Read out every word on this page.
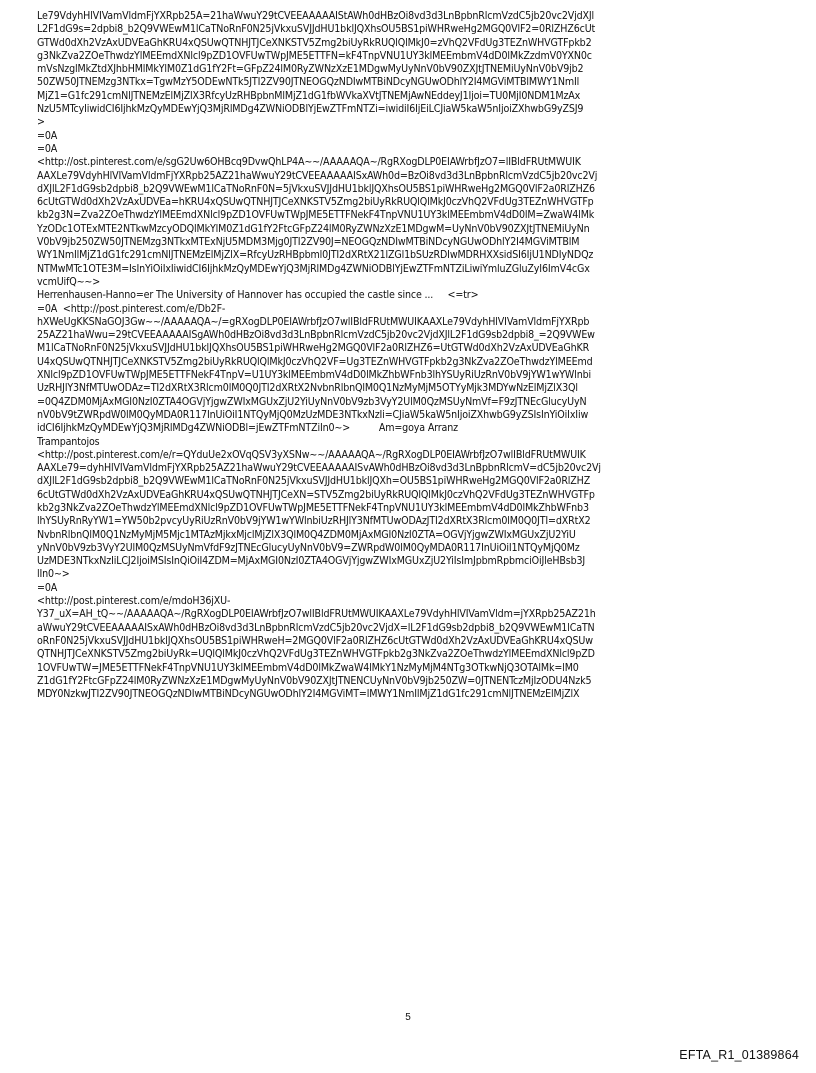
Le79VdyhHlVIVamVldmFjYXRpb25A=21haWwuY29tCVEEAAAAAIStAWh0dHBzOi8vd3d3LnBpbnRlcmVzdC5jb20vc2VjdXJl
L2F1dG9s=2dpbi8_b2Q9VWEwM1lCaTNoRnF0N25jVkxuSVJJdHU1bklJQXhsOU5BS1piWHRweHg2MGQ0VlF2=0RlZHZ6cUt
GTWd0dXh2VzAxUDVEaGhKRU4xQSUwQTNHJTJCeXNKSTV5Zmg2biUyRkRUQlQlMkJ0=zVhQ2VFdUg3TEZnWHVGTFpkb2
g3NkZva2ZOeThwdzYlMEEmdXNlcl9pZD1OVFUwTWpJME5ETTFN=kF4TnpVNU1UY3klMEEmbmV4dD0lMkZzdmV0YXN0c
mVsNzglMkZtdXJhbHMlMkYlM0Z1dG1fY2Ft=GFpZ24lM0RyZWNzXzE1MDgwMyUyNnV0bV90ZXJtJTNEMiUyNnV0bV9jb2
50ZW50JTNEMzg3NTkx=TgwMzY5ODEwNTk5JTI2ZV90JTNEOGQzNDIwMTBiNDcyNGUwODhlY2I4MGViMTBlMWY1NmIl
MjZ1=G1fc291cmNlJTNEMzElMjZlX3RfcyUzRHBpbnMlMjZ1dG1fbWVkaXVtJTNEMjAwNEddeyJ1Ijoi=TU0MjI0NDM1MzAx
NzU5MTcyIiwidCI6IjhkMzQyMDEwYjQ3MjRlMDg4ZWNiODBlYjEwZTFmNTZi=iwidiI6IjEiLCJiaW5kaW5nIjoiZXhwbG9yZSJ9
>
=0A
=0A
<http://ost.pinterest.com/e/sgG2Uw6OHBcq9DvwQhLP4A~~/AAAAAQA~/RgRXogDLP0EIAWrbfJzO7=lIBldFRUtMWUIK
AAXLe79VdyhHlVIVamVldmFjYXRpb25AZ21haWwuY29tCVEEAAAAAISxAWh0d=BzOi8vd3d3LnBpbnRlcmVzdC5jb20vc2Vj
dXJlL2F1dG9sb2dpbi8_b2Q9VWEwM1lCaTNoRnF0N=5jVkxuSVJJdHU1bklJQXhsOU5BS1piWHRweHg2MGQ0VlF2a0RlZHZ6
6cUtGTWd0dXh2VzAxUDVEa=hKRU4xQSUwQTNHJTJCeXNKSTV5Zmg2biUyRkRUQlQlMkJ0czVhQ2VFdUg3TEZnWHVGTFp
kb2g3N=Zva2ZOeThwdzYlMEEmdXNlcl9pZD1OVFUwTWpJME5ETTFNekF4TnpVNU1UY3klMEEmbmV4dD0lM=ZwaW4lMk
YzODc1OTExMTE2NTkwMzcyODQlMkYlM0Z1dG1fY2FtcGFpZ24lM0RyZWNzXzE1MDgwM=UyNnV0bV90ZXJtJTNEMiUyNn
V0bV9jb250ZW50JTNEMzg3NTkxMTExNjU5MDM3Mjg0JTI2ZV90J=NEOGQzNDIwMTBiNDcyNGUwODhlY2I4MGViMTBlM
WY1NmIlMjZ1dG1fc291cmNlJTNEMzElMjZlX=RfcyUzRHBpbml0JTI2dXRtX21lZGl1bSUzRDIwMDRHXXsidSI6IjU1NDIyNDQz
NTMwMTc1OTE3M=IsInYiOiIxIiwidCI6IjhkMzQyMDEwYjQ3MjRlMDg4ZWNiODBlYjEwZTFmNTZiLiwiYmluZGluZyI6ImV4cGx
vcmUifQ~~>
Herrenhausen-Hanno=er The University of Hannover has occupied the castle since ...     <=tr>
=0A  <http://post.pinterest.com/e/Db2F-
hXWeUgKKSNaGOJ3Gw~~/AAAAAQA~/=gRXogDLP0EIAWrbfJzO7wlIBldFRUtMWUIKAAXLe79VdyhHlVIVamVldmFjYXRpb
25AZ21haWwu=29tCVEEAAAAAISgAWh0dHBzOi8vd3d3LnBpbnRlcmVzdC5jb20vc2VjdXJlL2F1dG9sb2dpbi8_=2Q9VWEw
M1lCaTNoRnF0N25jVkxuSVJJdHU1bklJQXhsOU5BS1piWHRweHg2MGQ0VlF2a0RlZHZ6=UtGTWd0dXh2VzAxUDVEaGhKR
U4xQSUwQTNHJTJCeXNKSTV5Zmg2biUyRkRUQlQlMkJ0czVhQ2VF=Ug3TEZnWHVGTFpkb2g3NkZva2ZOeThwdzYlMEEmd
XNlcl9pZD1OVFUwTWpJME5ETTFNekF4TnpV=U1UY3klMEEmbmV4dD0lMkZhbWFnb3lhYSUyRiUzRnV0bV9jYW1wYWlnbi
UzRHJlY3NfMTUwODAz=TI2dXRtX3Rlcm0lM0Q0JTI2dXRtX2NvbnRlbnQlM0Q1NzMyMjM5OTYyMjk3MDYwNzElMjZlX3Ql
=0Q4ZDM0MjAxMGI0NzI0ZTA4OGVjYjgwZWIxMGUxZjU2YiUyNnV0bV9zb3VyY2UlM0QzMSUyNmVf=F9zJTNEcGlucyUyN
nV0bV9tZWRpdW0lM0QyMDA0R117InUiOiI1NTQyMjQ0MzUzMDE3NTkxNzIi=CJiaW5kaW5nIjoiZXhwbG9yZSIsInYiOiIxIiw
idCI6IjhkMzQyMDEwYjQ3MjRlMDg4ZWNiODBl=jEwZTFmNTZiIn0~>          Am=goya Arranz
Trampantojos
<http://post.pinterest.com/e/r=QYduUe2xOVqQSV3yXSNw~~/AAAAAQA~/RgRXogDLP0EIAWrbfJzO7wlIBldFRUtMWUIK
AAXLe79=dyhHlVIVamVldmFjYXRpb25AZ21haWwuY29tCVEEAAAAAISvAWh0dHBzOi8vd3d3LnBpbnRlcmV=dC5jb20vc2Vj
dXJlL2F1dG9sb2dpbi8_b2Q9VWEwM1lCaTNoRnF0N25jVkxuSVJJdHU1bklJQXh=OU5BS1piWHRweHg2MGQ0VlF2a0RlZHZ
6cUtGTWd0dXh2VzAxUDVEaGhKRU4xQSUwQTNHJTJCeXN=STV5Zmg2biUyRkRUQlQlMkJ0czVhQ2VFdUg3TEZnWHVGTFp
kb2g3NkZva2ZOeThwdzYlMEEmdXNlcl9pZD1OVFUwTWpJME5ETTFNekF4TnpVNU1UY3klMEEmbmV4dD0lMkZhbWFnb3
lhYSUyRnRyYW1=YW50b2pvcyUyRiUzRnV0bV9jYW1wYWlnbiUzRHJlY3NfMTUwODAzJTI2dXRtX3Rlcm0lM0Q0JTI=dXRtX2
NvbnRlbnQlM0Q1NzMyMjM5Mjc1MTAzMjkxMjclMjZlX3QlM0Q4ZDM0MjAxMGI0NzI0ZTA=OGVjYjgwZWIxMGUxZjU2YiU
yNnV0bV9zb3VyY2UlM0QzMSUyNmVfdF9zJTNEcGlucyUyNnV0bV9=ZWRpdW0lM0QyMDA0R117InUiOiI1NTQyMjQ0Mz
UzMDE3NTkxNzIiLCJ2IjoiMSIsInQiOiI4ZDM=MjAxMGI0NzI0ZTA4OGVjYjgwZWIxMGUxZjU2YiIsImJpbmRpbmciOiJleHBsb3J
lIn0~>
=0A
<http://post.pinterest.com/e/mdoH36jXU-
Y37_uX=AH_tQ~~/AAAAAQA~/RgRXogDLP0EIAWrbfJzO7wlIBldFRUtMWUIKAAXLe79VdyhHlVIVamVldm=jYXRpb25AZ21h
aWwuY29tCVEEAAAAAISxAWh0dHBzOi8vd3d3LnBpbnRlcmVzdC5jb20vc2VjdX=lL2F1dG9sb2dpbi8_b2Q9VWEwM1lCaTN
oRnF0N25jVkxuSVJJdHU1bklJQXhsOU5BS1piWHRweH=2MGQ0VlF2a0RlZHZ6cUtGTWd0dXh2VzAxUDVEaGhKRU4xQSUw
QTNHJTJCeXNKSTV5Zmg2biUyRk=UQlQlMkJ0czVhQ2VFdUg3TEZnWHVGTFpkb2g3NkZva2ZOeThwdzYlMEEmdXNlcl9pZD
1OVFUwTW=JME5ETTFNekF4TnpVNU1UY3klMEEmbmV4dD0lMkZwaW4lMkY1NzMyMjM4NTg3OTkwNjQ3OTAlMk=lM0
Z1dG1fY2FtcGFpZ24lM0RyZWNzXzE1MDgwMyUyNnV0bV90ZXJtJTNENCUyNnV0bV9jb250ZW=0JTNENTczMjIzODU4Nzk5
MDY0NzkwJTI2ZV90JTNEOGQzNDIwMTBiNDcyNGUwODhlY2I4MGViMT=lMWY1NmIlMjZ1dG1fc291cmNlJTNEMzElMjZlX
5
EFTA_R1_01389864
